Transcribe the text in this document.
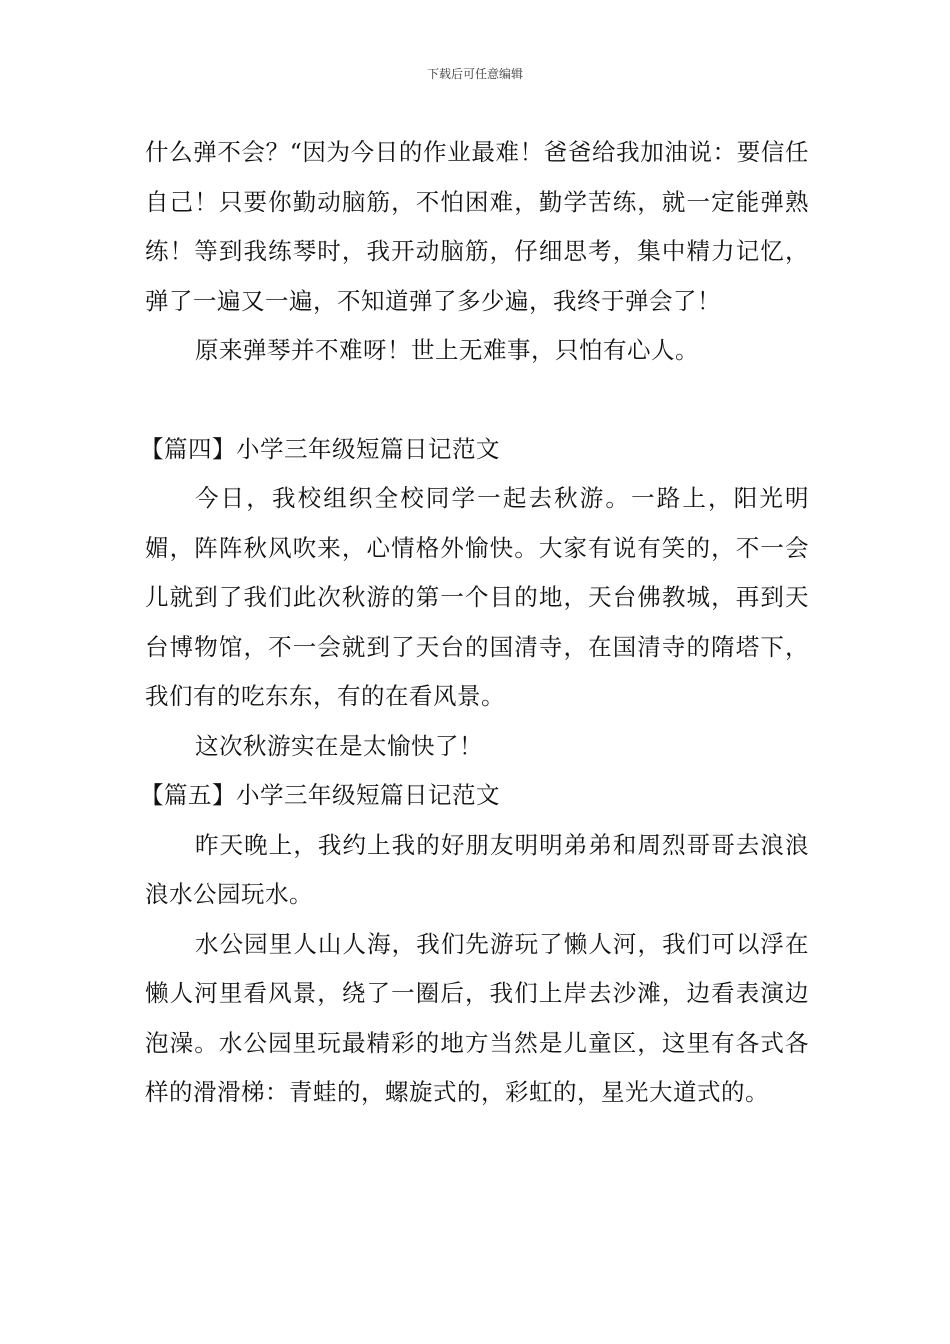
下载后可任意编辑

什么弹不会？“因为今日的作业最难！爸爸给我加油说：要信任自己！只要你勤动脑筋，不怕困难，勤学苦练，就一定能弹熟练！等到我练琴时，我开动脑筋，仔细思考，集中精力记忆，弹了一遍又一遍，不知道弹了多少遍，我终于弹会了！

原来弹琴并不难呀！世上无难事，只怕有心人。

【篇四】小学三年级短篇日记范文

今日，我校组织全校同学一起去秋游。一路上，阳光明媚，阵阵秋风吹来，心情格外愉快。大家有说有笑的，不一会儿就到了我们此次秋游的第一个目的地，天台佛教城，再到天台博物馆，不一会就到了天台的国清寺，在国清寺的隋塔下，我们有的吃东东，有的在看风景。

这次秋游实在是太愉快了！

【篇五】小学三年级短篇日记范文

昨天晚上，我约上我的好朋友明明弟弟和周烈哥哥去浪浪浪水公园玩水。

水公园里人山人海，我们先游玩了懒人河，我们可以浮在懒人河里看风景，绕了一圈后，我们上岸去沙滩，边看表演边泡澡。水公园里玩最精彩的地方当然是儿童区，这里有各式各样的滑滑梯：青蛙的，螺旋式的，彩虹的，星光大道式的。
